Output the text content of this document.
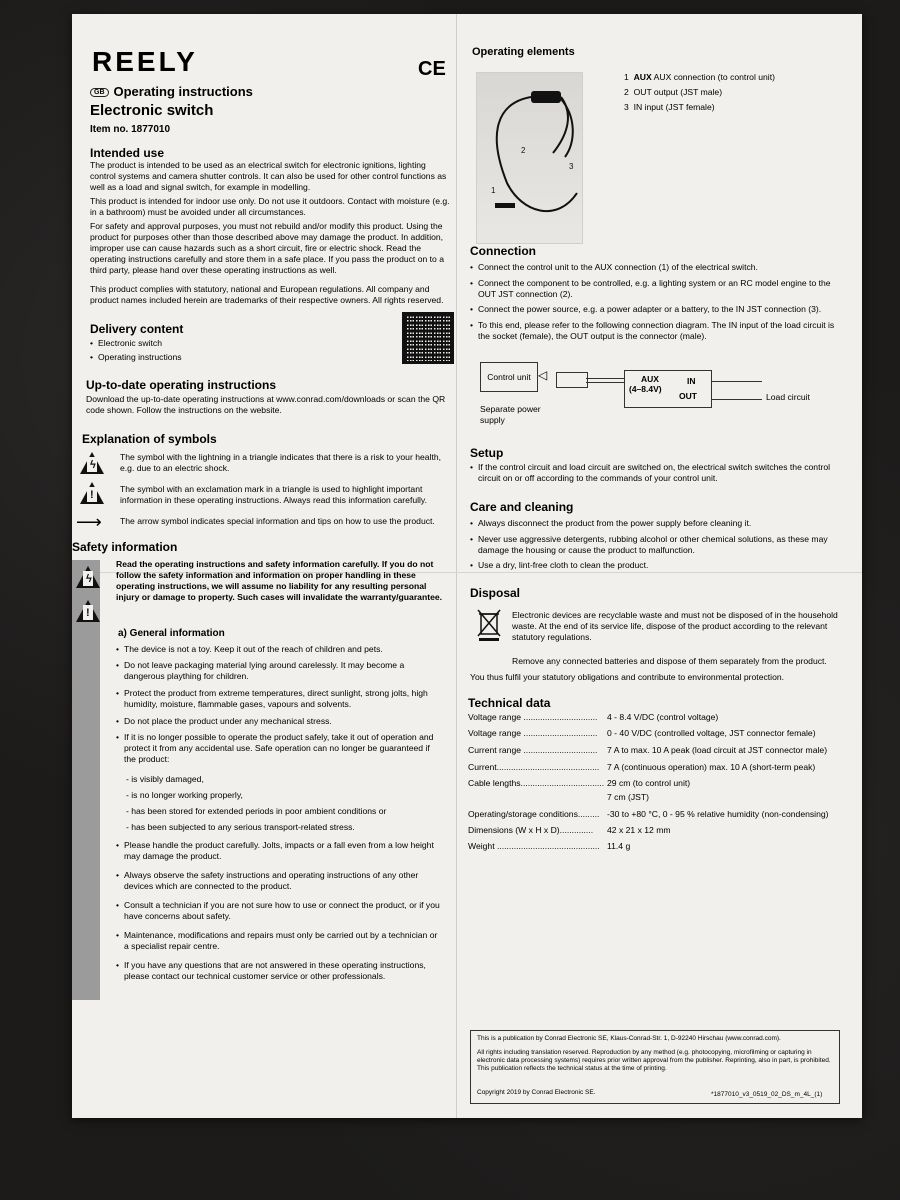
REELY	CE
GB Operating instructions
Electronic switch
Item no. 1877010
Intended use
The product is intended to be used as an electrical switch for electronic ignitions, lighting control systems and camera shutter controls. It can also be used for other control functions as well as a load and signal switch, for example in modelling.
This product is intended for indoor use only. Do not use it outdoors. Contact with moisture (e.g. in a bathroom) must be avoided under all circumstances.
For safety and approval purposes, you must not rebuild and/or modify this product. Using the product for purposes other than those described above may damage the product. In addition, improper use can cause hazards such as a short circuit, fire or electric shock. Read the operating instructions carefully and store them in a safe place. If you pass the product on to a third party, please hand over these operating instructions as well.
This product complies with statutory, national and European regulations. All company and product names included herein are trademarks of their respective owners. All rights reserved.
Delivery content
• Electronic switch
• Operating instructions
Up-to-date operating instructions
Download the up-to-date operating instructions at www.conrad.com/downloads or scan the QR code shown. Follow the instructions on the website.
Explanation of symbols
ϟ
The symbol with the lightning in a triangle indicates that there is a risk to your health, e.g. due to an electric shock.
!	The symbol with an exclamation mark in a triangle is used to highlight important information in these operating instructions. Always read this information carefully.
⟶ The arrow symbol indicates special information and tips on how to use the product.
Safety information
ϟ
!
Read the operating instructions and safety information carefully. If you do not follow the safety information and information on proper handling in these operating instructions, we will assume no liability for any resulting personal injury or damage to property. Such cases will invalidate the warranty/guarantee.
a) General information
• The device is not a toy. Keep it out of the reach of children and pets.
• Do not leave packaging material lying around carelessly. It may become a dangerous plaything for children.
• Protect the product from extreme temperatures, direct sunlight, strong jolts, high humidity, moisture, flammable gases, vapours and solvents.
• Do not place the product under any mechanical stress.
• If it is no longer possible to operate the product safely, take it out of operation and protect it from any accidental use. Safe operation can no longer be guaranteed if the product:
- is visibly damaged,
- is no longer working properly,
- has been stored for extended periods in poor ambient conditions or
- has been subjected to any serious transport-related stress.
• Please handle the product carefully. Jolts, impacts or a fall even from a low height may damage the product.
• Always observe the safety instructions and operating instructions of any other devices which are connected to the product.
• Consult a technician if you are not sure how to use or connect the product, or if you have concerns about safety.
• Maintenance, modifications and repairs must only be carried out by a technician or a specialist repair centre.
• If you have any questions that are not answered in these operating instructions, please contact our technical customer service or other professionals.
Operating elements
1
2
3
1  AUX AUX connection (to control unit)
2  OUT output (JST male)
3  IN input (JST female)
Connection
• Connect the control unit to the AUX connection (1) of the electrical switch.
• Connect the component to be controlled, e.g. a lighting system or an RC model engine to the OUT JST connection (2).
• Connect the power source, e.g. a power adapter or a battery, to the IN JST connection (3).
• To this end, please refer to the following connection diagram. The IN input of the load circuit is the socket (female), the OUT output is the connector (male).
Control unit ◁	AUX
(4–8.4V)
IN
OUT
Separate power supply
Load circuit
Setup
• If the control circuit and load circuit are switched on, the electrical switch switches the control circuit on or off according to the commands of your control unit.
Care and cleaning
• Always disconnect the product from the power supply before cleaning it.
• Never use aggressive detergents, rubbing alcohol or other chemical solutions, as these may damage the housing or cause the product to malfunction.
• Use a dry, lint-free cloth to clean the product.
Disposal
Electronic devices are recyclable waste and must not be disposed of in the household waste. At the end of its service life, dispose of the product according to the relevant statutory regulations.
Remove any connected batteries and dispose of them separately from the product.
You thus fulfil your statutory obligations and contribute to environmental protection.
Technical data
Voltage range ............................... 4 - 8.4 V/DC (control voltage)
Voltage range ............................... 0 - 40 V/DC (controlled voltage, JST connector female)
Current range ............................... 7 A to max. 10 A peak (load circuit at JST connector male)
Current........................................... 7 A (continuous operation) max. 10 A (short-term peak)
Cable lengths................................... 29 cm (to control unit)
7 cm (JST)
Operating/storage conditions......... -30 to +80 °C, 0 - 95 % relative humidity (non-condensing)
Dimensions (W x H x D).............. 42 x 21 x 12 mm
Weight ........................................... 11.4 g
This is a publication by Conrad Electronic SE, Klaus-Conrad-Str. 1, D-92240 Hirschau (www.conrad.com).
All rights including translation reserved. Reproduction by any method (e.g. photocopying, microfilming or capturing in electronic data processing systems) requires prior written approval from the publisher. Reprinting, also in part, is prohibited. This publication reflects the technical status at the time of printing.
Copyright 2019 by Conrad Electronic SE.	*1877010_v3_0519_02_DS_m_4L_(1)
